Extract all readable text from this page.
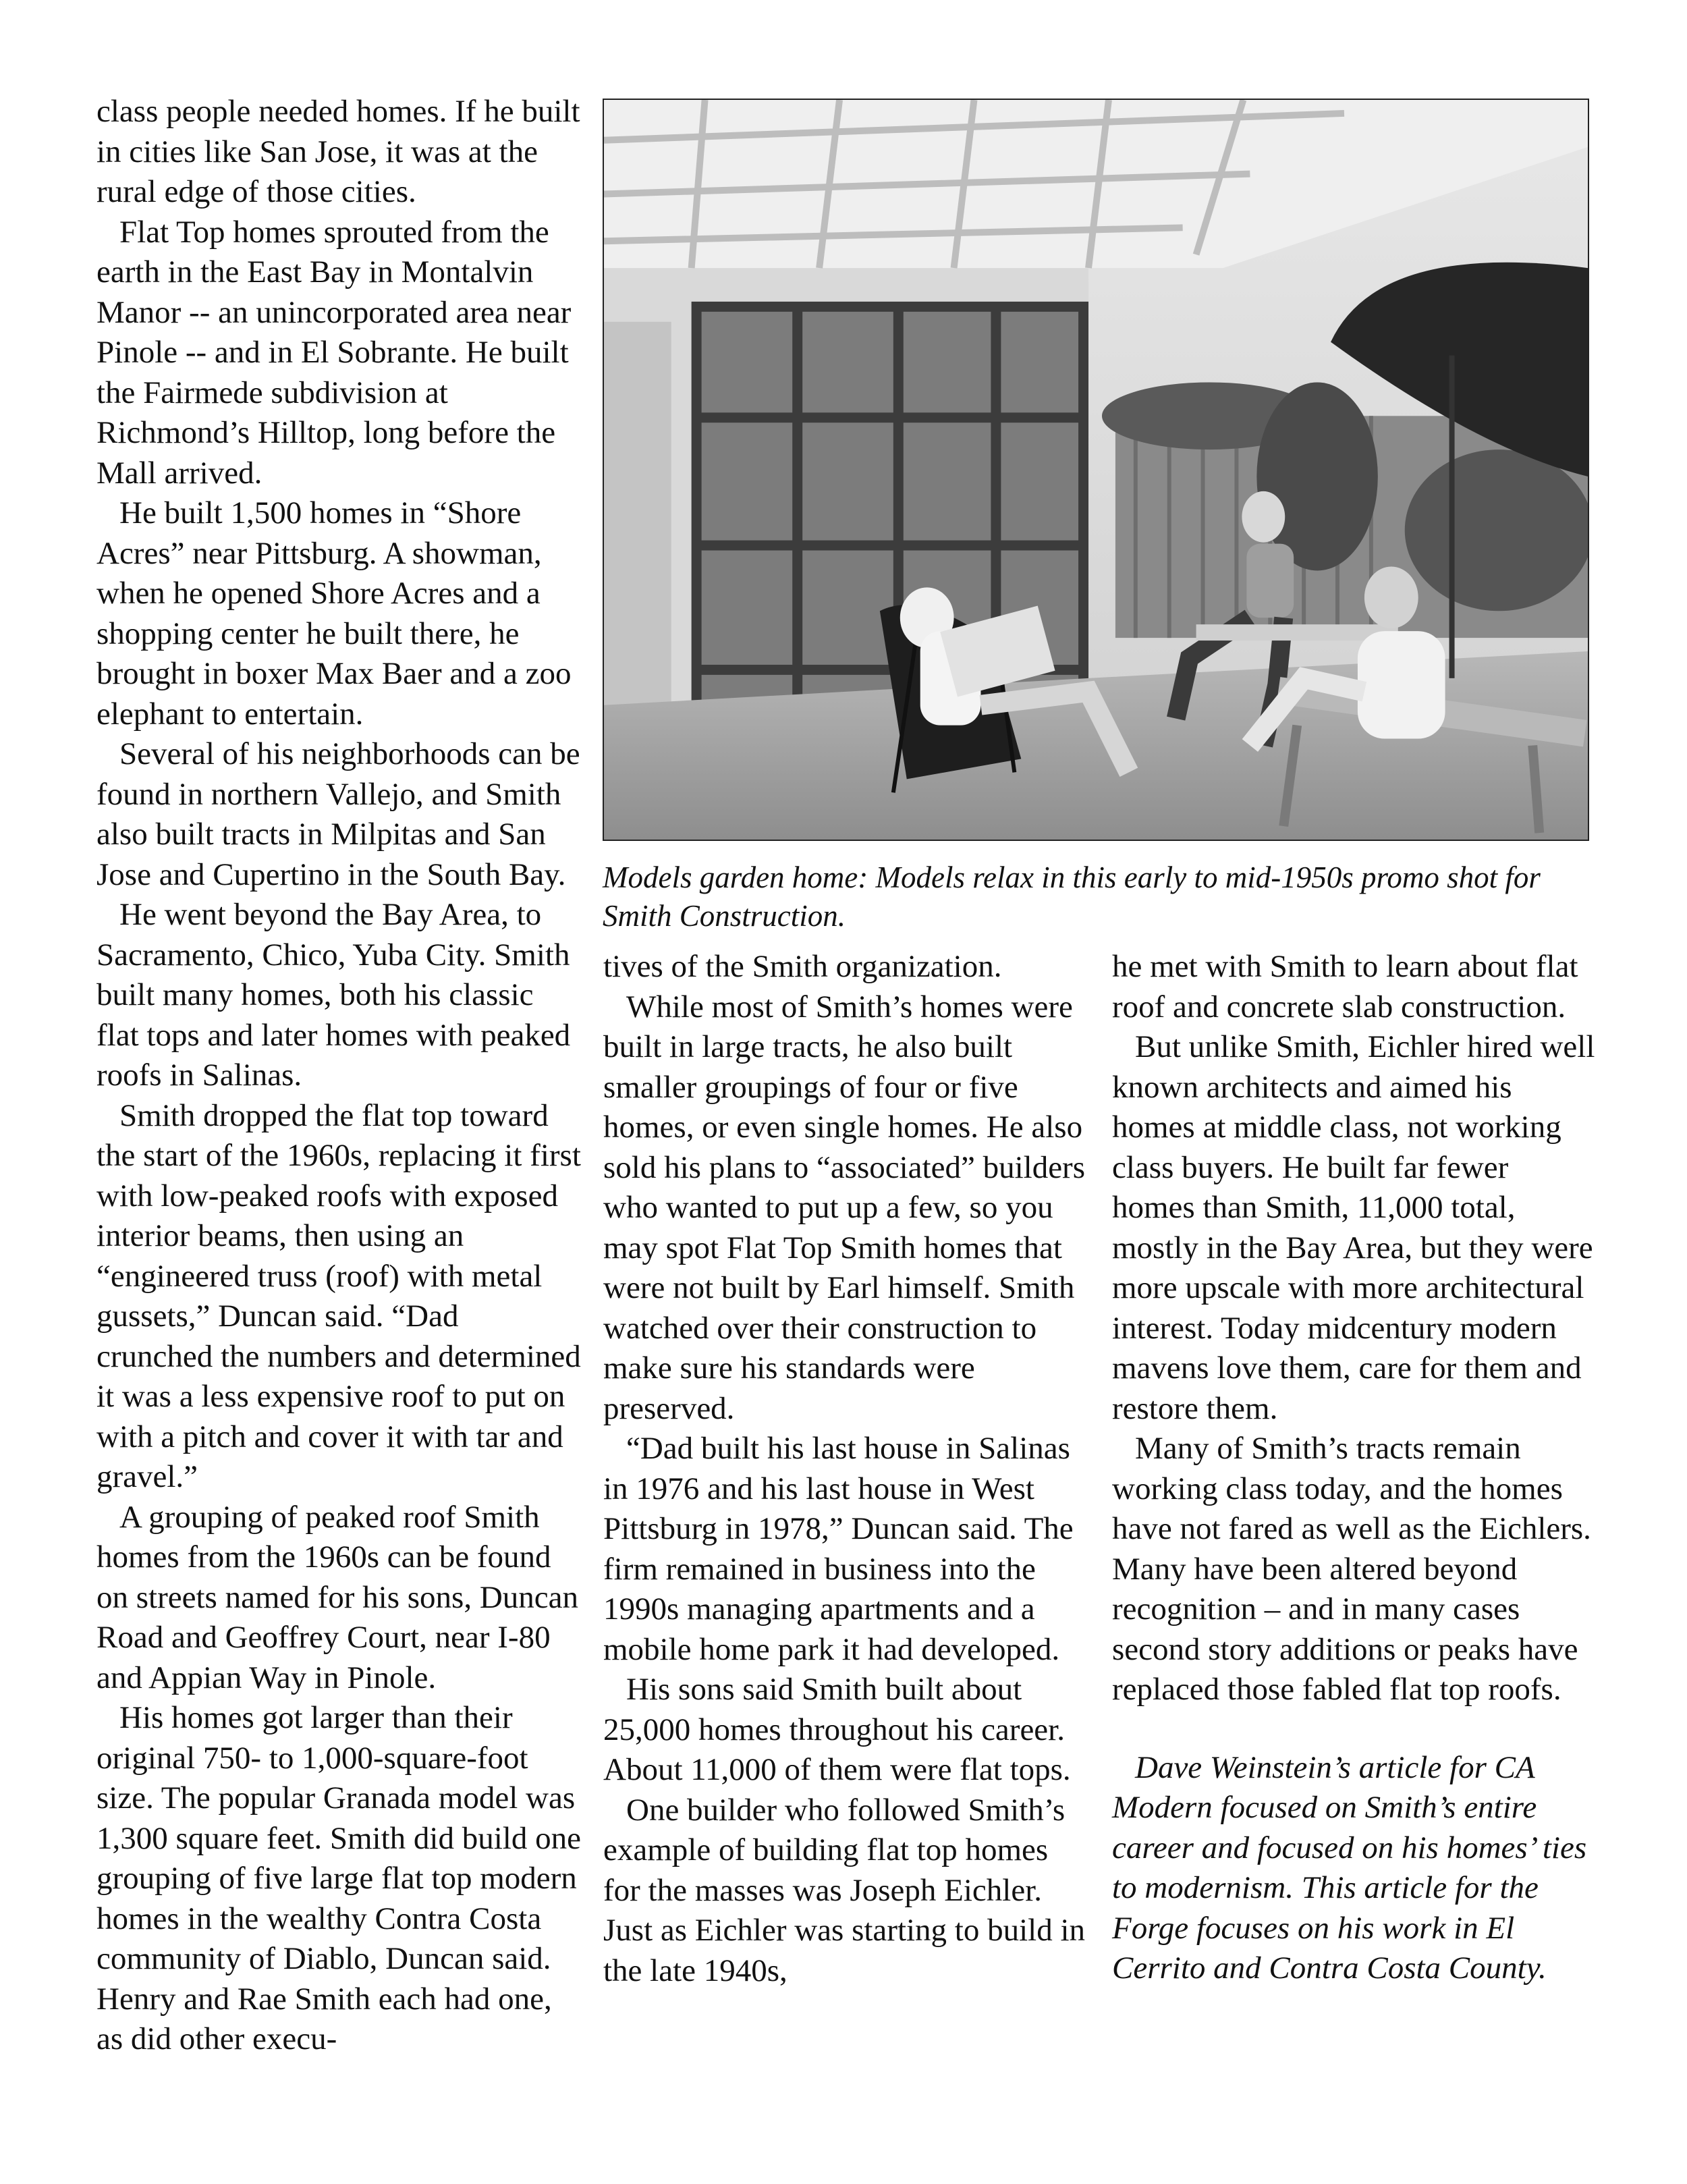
class people needed homes. If he built in cities like San Jose, it was at the rural edge of those cities.

Flat Top homes sprouted from the earth in the East Bay in Montalvin Manor -- an unincorporated area near Pinole -- and in El Sobrante. He built the Fairmede subdivision at Richmond’s Hilltop, long before the Mall arrived.

He built 1,500 homes in “Shore Acres” near Pittsburg. A showman, when he opened Shore Acres and a shopping center he built there, he brought in boxer Max Baer and a zoo elephant to entertain.

Several of his neighborhoods can be found in northern Vallejo, and Smith also built tracts in Milpitas and San Jose and Cupertino in the South Bay.

He went beyond the Bay Area, to Sacramento, Chico, Yuba City. Smith built many homes, both his classic flat tops and later homes with peaked roofs in Salinas.

Smith dropped the flat top toward the start of the 1960s, replacing it first with low-peaked roofs with exposed interior beams, then using an “engineered truss (roof) with metal gussets,” Duncan said. “Dad crunched the numbers and determined it was a less expensive roof to put on with a pitch and cover it with tar and gravel.”

A grouping of peaked roof Smith homes from the 1960s can be found on streets named for his sons, Duncan Road and Geoffrey Court, near I-80 and Appian Way in Pinole.

His homes got larger than their original 750- to 1,000-square-foot size. The popular Granada model was 1,300 square feet. Smith did build one grouping of five large flat top modern homes in the wealthy Contra Costa community of Diablo, Duncan said. Henry and Rae Smith each had one, as did other execu-

Models garden home: Models relax in this early to mid-1950s promo shot for Smith Construction.

tives of the Smith organization.

While most of Smith’s homes were built in large tracts, he also built smaller groupings of four or five homes, or even single homes. He also sold his plans to “associated” builders who wanted to put up a few, so you may spot Flat Top Smith homes that were not built by Earl himself. Smith watched over their construction to make sure his standards were preserved.

“Dad built his last house in Salinas in 1976 and his last house in West Pittsburg in 1978,” Duncan said. The firm remained in business into the 1990s managing apartments and a mobile home park it had developed.

His sons said Smith built about 25,000 homes throughout his career. About 11,000 of them were flat tops.

One builder who followed Smith’s example of building flat top homes for the masses was Joseph Eichler. Just as Eichler was starting to build in the late 1940s,

he met with Smith to learn about flat roof and concrete slab construction.

But unlike Smith, Eichler hired well known architects and aimed his homes at middle class, not working class buyers. He built far fewer homes than Smith, 11,000 total, mostly in the Bay Area, but they were more upscale with more architectural interest. Today midcentury modern mavens love them, care for them and restore them.

Many of Smith’s tracts remain working class today, and the homes have not fared as well as the Eichlers. Many have been altered beyond recognition – and in many cases second story additions or peaks have replaced those fabled flat top roofs.

Dave Weinstein’s article for CA Modern focused on Smith’s entire career and focused on his homes’ ties to modernism. This article for the Forge focuses on his work in El Cerrito and Contra Costa County.
